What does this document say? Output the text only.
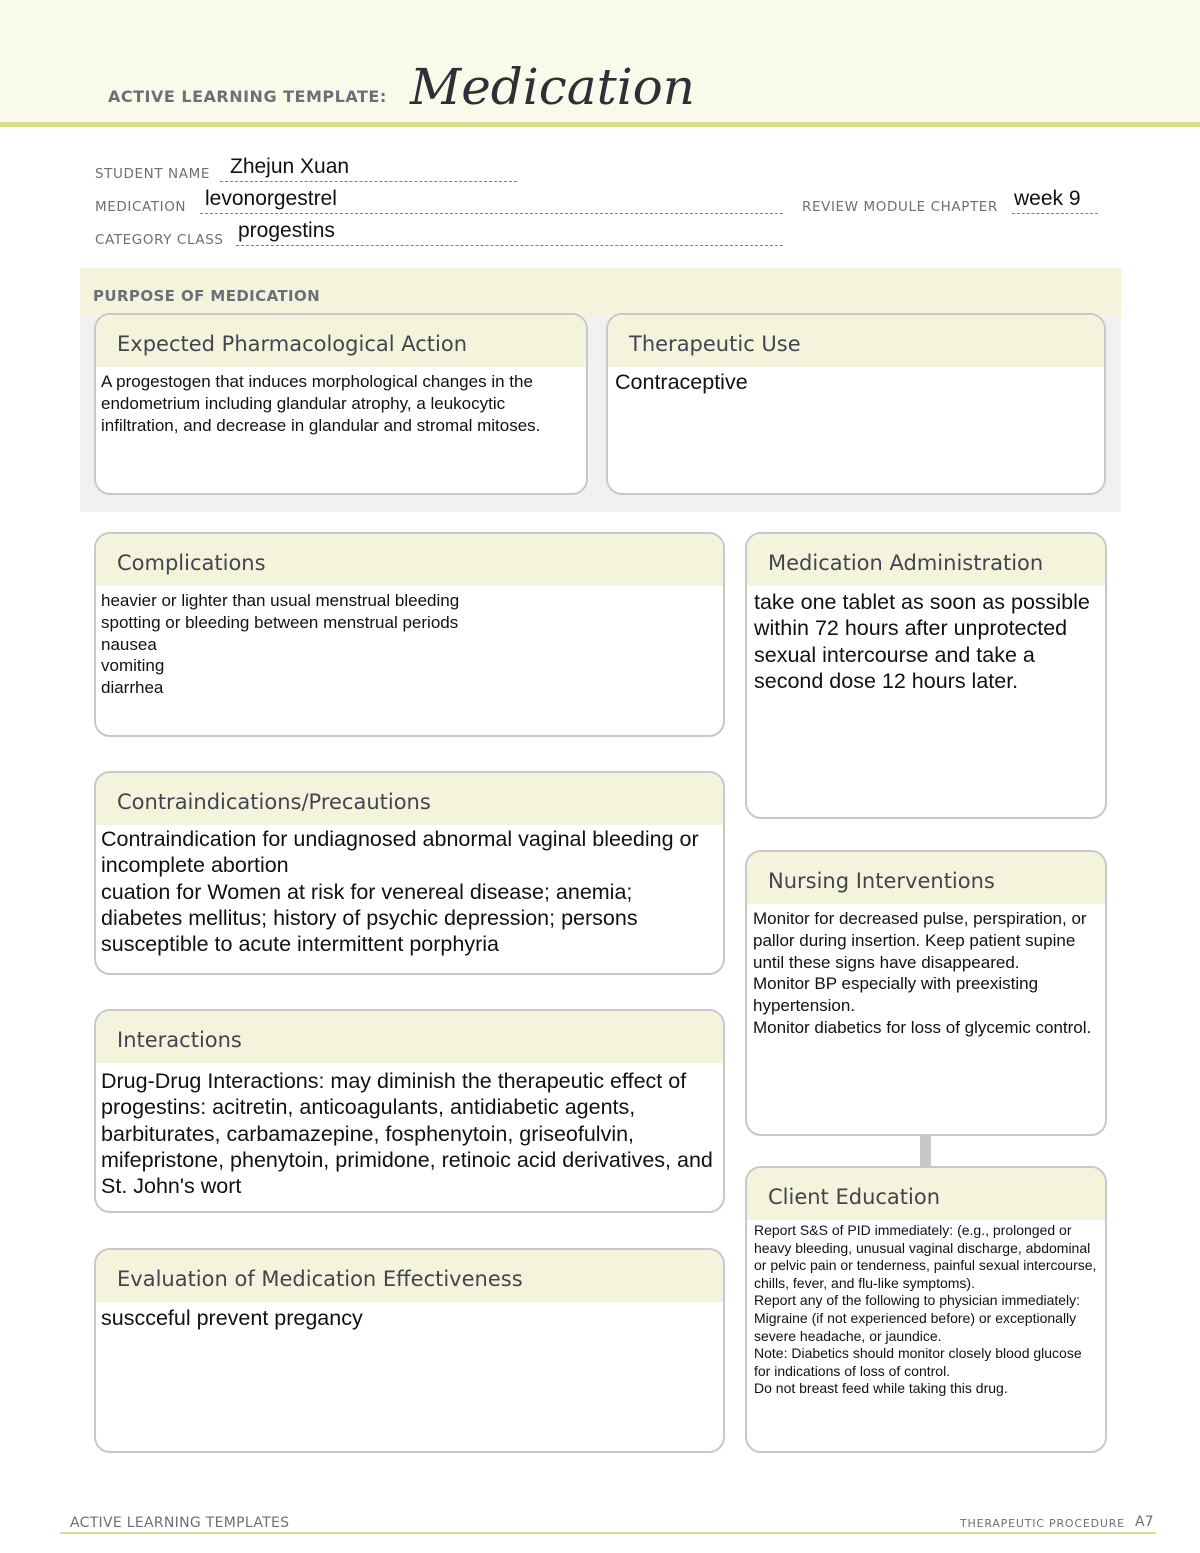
ACTIVE LEARNING TEMPLATE: Medication
STUDENT NAME Zhejun Xuan
MEDICATION levonorgestrel	REVIEW MODULE CHAPTER week 9
CATEGORY CLASS progestins
PURPOSE OF MEDICATION
Expected Pharmacological Action
A progestogen that induces morphological changes in the endometrium including glandular atrophy, a leukocytic infiltration, and decrease in glandular and stromal mitoses.
Therapeutic Use
Contraceptive
Complications
heavier or lighter than usual menstrual bleeding
spotting or bleeding between menstrual periods
nausea
vomiting
diarrhea
Contraindications/Precautions
Contraindication for undiagnosed abnormal vaginal bleeding or incomplete abortion
cuation for Women at risk for venereal disease; anemia; diabetes mellitus; history of psychic depression; persons susceptible to acute intermittent porphyria
Interactions
Drug-Drug Interactions: may diminish the therapeutic effect of progestins: acitretin, anticoagulants, antidiabetic agents, barbiturates, carbamazepine, fosphenytoin, griseofulvin, mifepristone, phenytoin, primidone, retinoic acid derivatives, and St. John's wort
Evaluation of Medication Effectiveness
suscceful prevent pregancy
Medication Administration
take one tablet as soon as possible within 72 hours after unprotected sexual intercourse and take a second dose 12 hours later.
Nursing Interventions
Monitor for decreased pulse, perspiration, or pallor during insertion. Keep patient supine until these signs have disappeared.
Monitor BP especially with preexisting hypertension.
Monitor diabetics for loss of glycemic control.
Client Education
Report S&S of PID immediately: (e.g., prolonged or heavy bleeding, unusual vaginal discharge, abdominal or pelvic pain or tenderness, painful sexual intercourse, chills, fever, and flu-like symptoms).
Report any of the following to physician immediately: Migraine (if not experienced before) or exceptionally severe headache, or jaundice.
Note: Diabetics should monitor closely blood glucose for indications of loss of control.
Do not breast feed while taking this drug.
ACTIVE LEARNING TEMPLATES	THERAPEUTIC PROCEDURE A7
